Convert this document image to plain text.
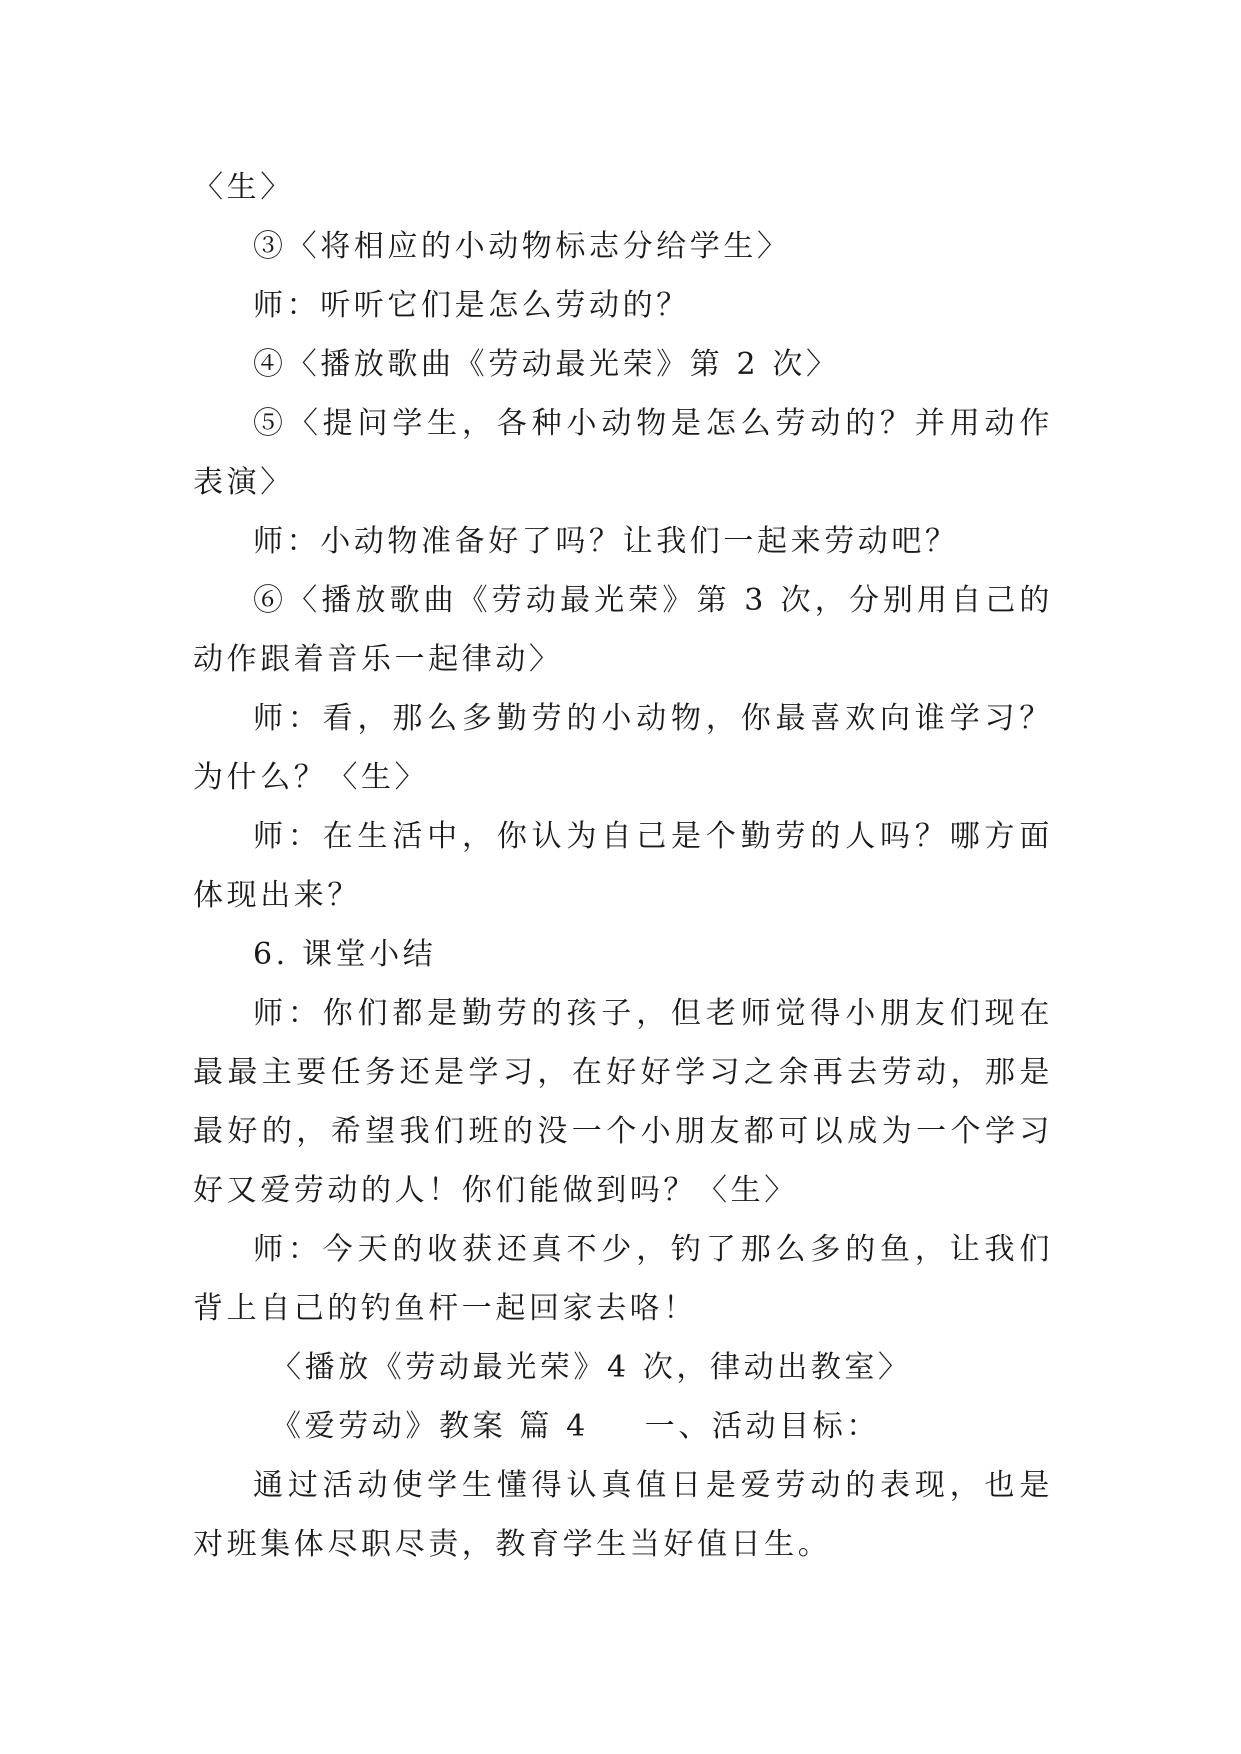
〈生〉

③〈将相应的小动物标志分给学生〉

师：听听它们是怎么劳动的？

④〈播放歌曲《劳动最光荣》第 2 次〉

⑤〈提问学生，各种小动物是怎么劳动的？并用动作表演〉

师：小动物准备好了吗？让我们一起来劳动吧？

⑥〈播放歌曲《劳动最光荣》第 3 次，分别用自己的动作跟着音乐一起律动〉

师：看，那么多勤劳的小动物，你最喜欢向谁学习？为什么？〈生〉

师：在生活中，你认为自己是个勤劳的人吗？哪方面体现出来？

6. 课堂小结

师：你们都是勤劳的孩子，但老师觉得小朋友们现在最最主要任务还是学习，在好好学习之余再去劳动，那是最好的，希望我们班的没一个小朋友都可以成为一个学习好又爱劳动的人！你们能做到吗？〈生〉

师：今天的收获还真不少，钓了那么多的鱼，让我们背上自己的钓鱼杆一起回家去咯！

〈播放《劳动最光荣》4 次，律动出教室〉

《爱劳动》教案 篇 4 一、活动目标：

通过活动使学生懂得认真值日是爱劳动的表现，也是对班集体尽职尽责，教育学生当好值日生。
